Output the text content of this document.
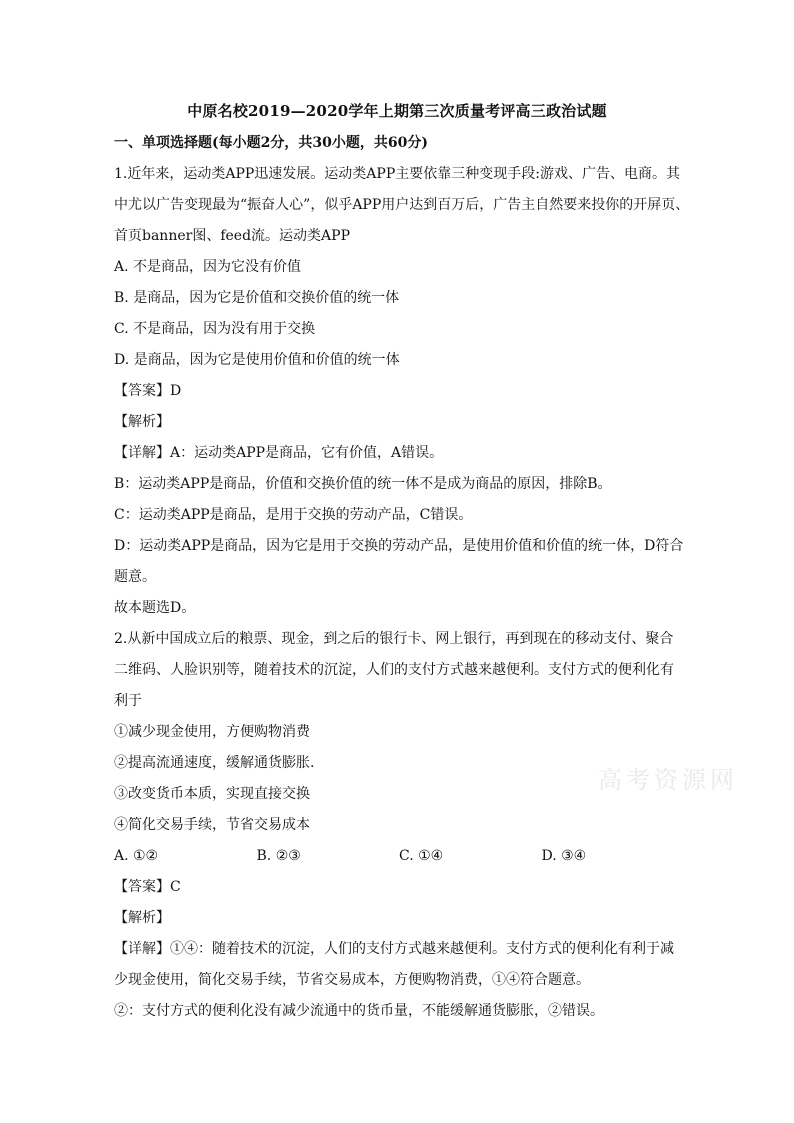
中原名校2019—2020学年上期第三次质量考评高三政治试题
一、单项选择题(每小题2分，共30小题，共60分)
1.近年来，运动类APP迅速发展。运动类APP主要依靠三种变现手段:游戏、广告、电商。其
中尤以广告变现最为“振奋人心”，似乎APP用户达到百万后，广告主自然要来投你的开屏页、
首页banner图、feed流。运动类APP
A. 不是商品，因为它没有价值
B. 是商品，因为它是价值和交换价值的统一体
C. 不是商品，因为没有用于交换
D. 是商品，因为它是使用价值和价值的统一体
【答案】D
【解析】
【详解】A：运动类APP是商品，它有价值，A错误。
B：运动类APP是商品，价值和交换价值的统一体不是成为商品的原因，排除B。
C：运动类APP是商品，是用于交换的劳动产品，C错误。
D：运动类APP是商品，因为它是用于交换的劳动产品，是使用价值和价值的统一体，D符合
题意。
故本题选D。
2.从新中国成立后的粮票、现金，到之后的银行卡、网上银行，再到现在的移动支付、聚合
二维码、人脸识别等，随着技术的沉淀，人们的支付方式越来越便利。支付方式的便利化有
利于
①减少现金使用，方便购物消费
②提高流通速度，缓解通货膨胀.
③改变货币本质，实现直接交换
④简化交易手续，节省交易成本
A. ①②	B. ②③	C. ①④	D. ③④
【答案】C
【解析】
【详解】①④：随着技术的沉淀，人们的支付方式越来越便利。支付方式的便利化有利于减
少现金使用，简化交易手续，节省交易成本，方便购物消费，①④符合题意。
②：支付方式的便利化没有减少流通中的货币量，不能缓解通货膨胀，②错误。
高考资源网
